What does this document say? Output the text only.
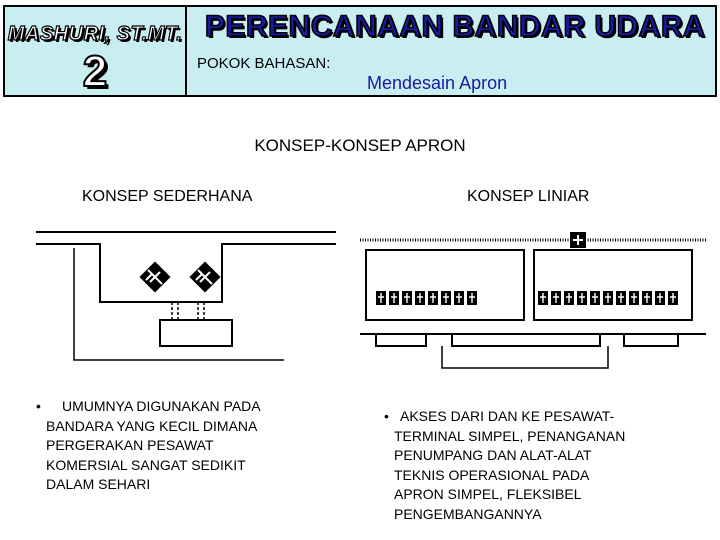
MASHURI, ST.MT.
2
PERENCANAAN BANDAR UDARA
POKOK BAHASAN:
Mendesain Apron
KONSEP-KONSEP APRON
KONSEP SEDERHANA	KONSEP LINIAR
•	UMUMNYA DIGUNAKAN PADA
BANDARA YANG KECIL DIMANA
PERGERAKAN PESAWAT
KOMERSIAL SANGAT SEDIKIT
DALAM SEHARI
• AKSES DARI DAN KE PESAWAT-
TERMINAL SIMPEL, PENANGANAN
PENUMPANG DAN ALAT-ALAT
TEKNIS OPERASIONAL PADA
APRON SIMPEL, FLEKSIBEL
PENGEMBANGANNYA
